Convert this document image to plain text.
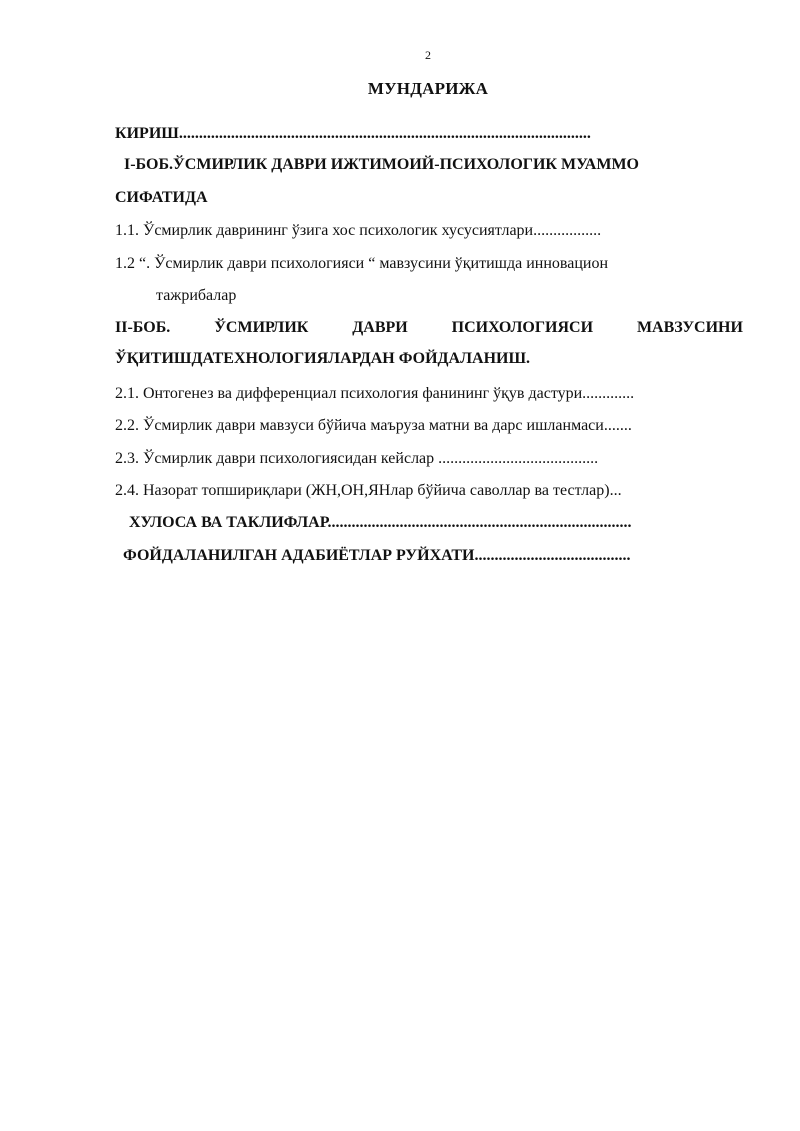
2
МУНДАРИЖА
КИРИШ.......................................................................................................
I-БОБ.ЎСМИРЛИК ДАВРИ ИЖТИМОИЙ-ПСИХОЛОГИК МУАММО
СИФАТИДА
1.1. Ўсмирлик даврининг ўзига хос психологик хусусиятлари.................
1.2 “. Ўсмирлик даври психологияси “ мавзусини ўқитишда инновацион
тажрибалар
II-БОБ.	ЎСМИРЛИК	ДАВРИ	ПСИХОЛОГИЯСИ	МАВЗУСИНИ
ЎҚИТИШДАТЕХНОЛОГИЯЛАРДАН ФОЙДАЛАНИШ.
2.1. Онтогенез ва дифференциал психология фанининг ўқув дастури.............
2.2. Ўсмирлик даври мавзуси бўйича маъруза матни ва дарс ишланмаси.......
2.3. Ўсмирлик даври психологиясидан кейслар ........................................
2.4. Назорат топшириқлари (ЖН,ОН,ЯНлар бўйича саволлар ва тестлар)...
ХУЛОСА ВА ТАКЛИФЛАР............................................................................
ФОЙДАЛАНИЛГАН АДАБИЁТЛАР РУЙХАТИ.......................................
